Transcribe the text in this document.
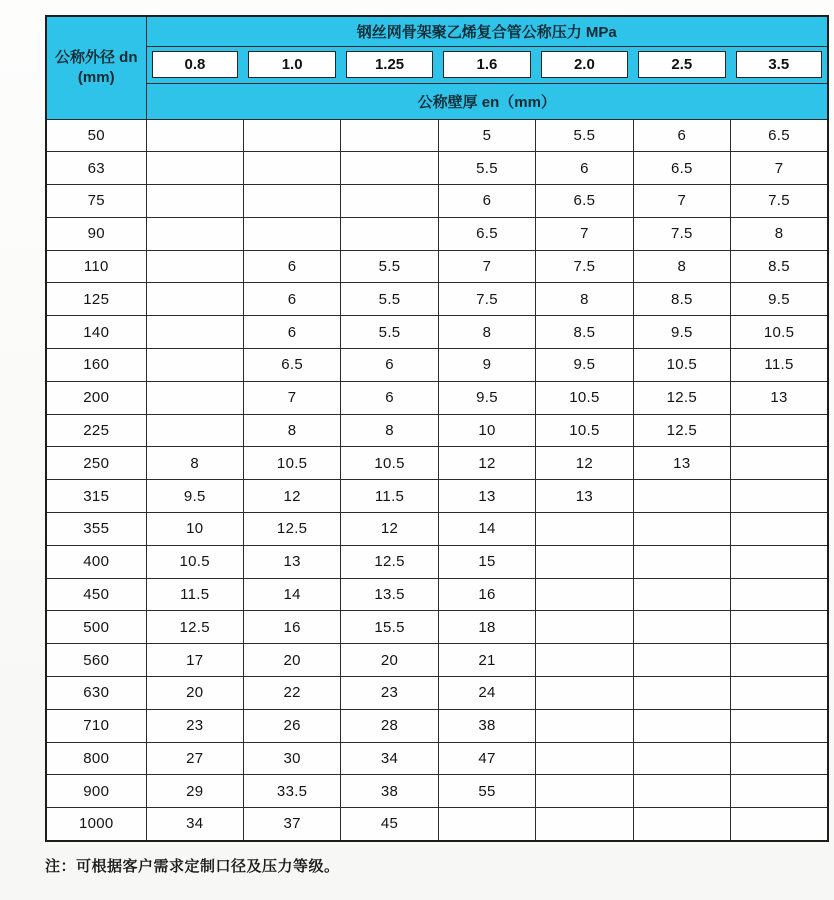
公称外径 dn
(mm)	钢丝网骨架聚乙烯复合管公称压力 MPa						

	0.8	1.0	1.25	1.6	2.0	2.5	3.5

	公称壁厚 en（mm）						
50				5	5.5	6	6.5
63				5.5	6	6.5	7
75				6	6.5	7	7.5
90				6.5	7	7.5	8
110		6	5.5	7	7.5	8	8.5
125		6	5.5	7.5	8	8.5	9.5
140		6	5.5	8	8.5	9.5	10.5
160		6.5	6	9	9.5	10.5	11.5
200		7	6	9.5	10.5	12.5	13
225		8	8	10	10.5	12.5	
250	8	10.5	10.5	12	12	13	
315	9.5	12	11.5	13	13		
355	10	12.5	12	14			
400	10.5	13	12.5	15			
450	11.5	14	13.5	16			
500	12.5	16	15.5	18			
560	17	20	20	21			
630	20	22	23	24			
710	23	26	28	38			
800	27	30	34	47			
900	29	33.5	38	55			
1000	34	37	45				
注：可根据客户需求定制口径及压力等级。
